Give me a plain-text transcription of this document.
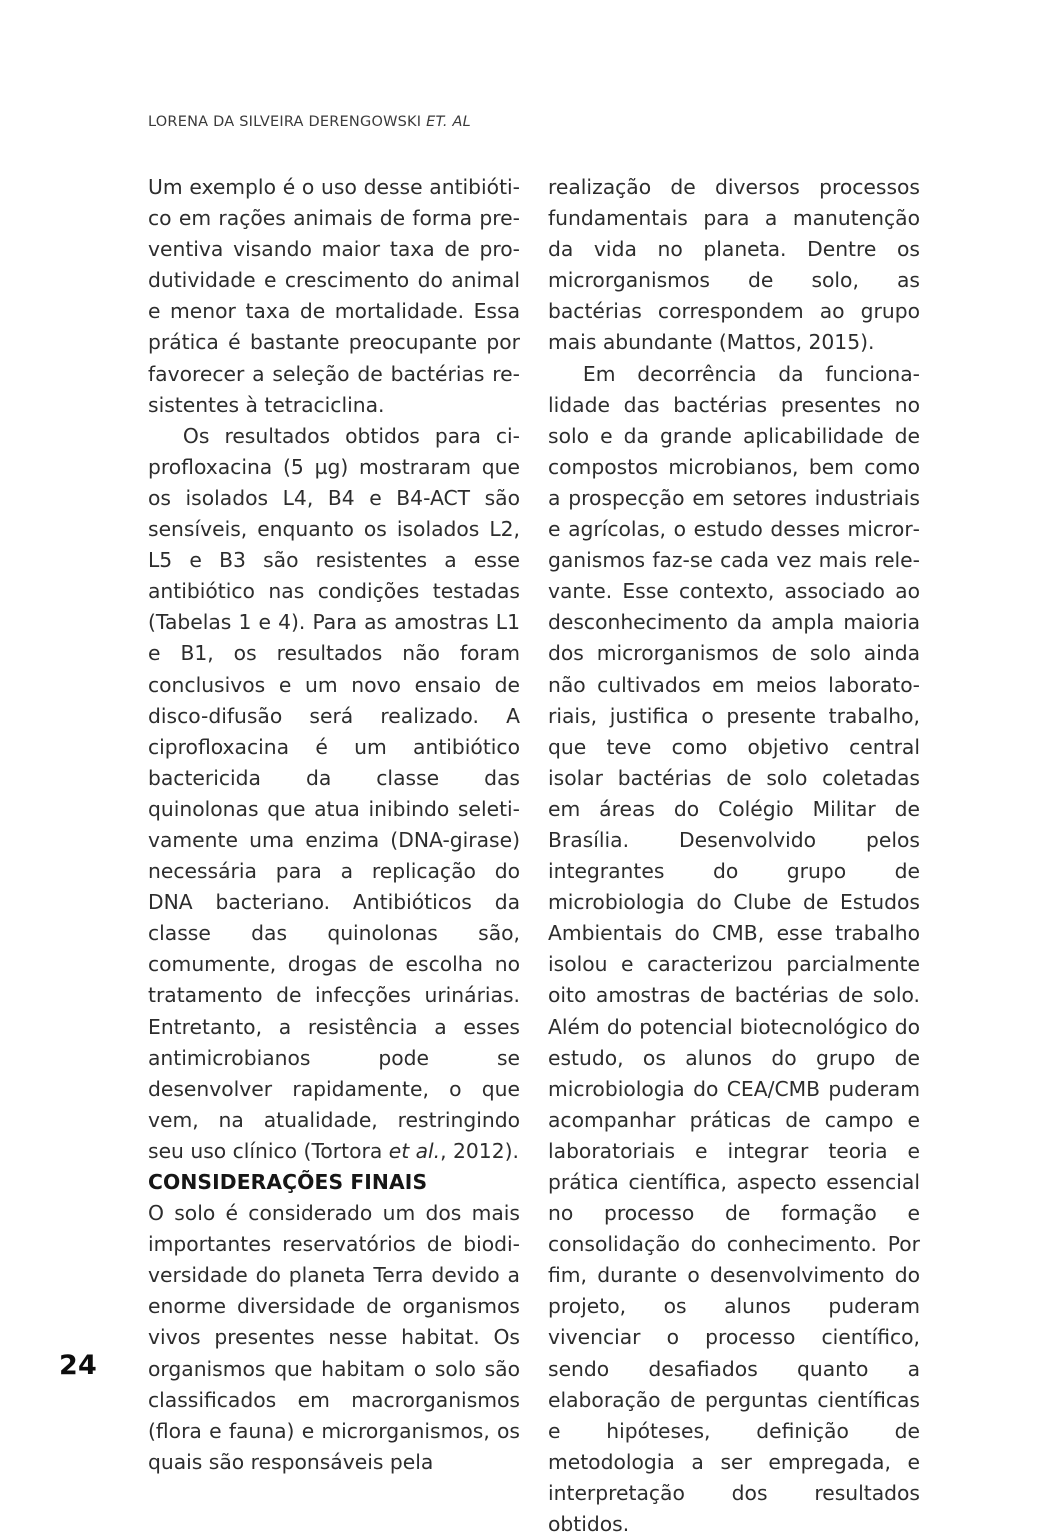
LORENA DA SILVEIRA DERENGOWSKI ET. AL

Um exemplo é o uso desse antibiótico em rações animais de forma preventiva visando maior taxa de produtividade e crescimento do animal e menor taxa de mortalidade. Essa prática é bastante preocupante por favorecer a seleção de bactérias resistentes à tetraciclina.

Os resultados obtidos para ciprofloxacina (5 µg) mostraram que os isolados L4, B4 e B4-ACT são sensíveis, enquanto os isolados L2, L5 e B3 são resistentes a esse antibiótico nas condições testadas (Tabelas 1 e 4). Para as amostras L1 e B1, os resultados não foram conclusivos e um novo ensaio de disco-difusão será realizado. A ciprofloxacina é um antibiótico bactericida da classe das quinolonas que atua inibindo seletivamente uma enzima (DNA-girase) necessária para a replicação do DNA bacteriano. Antibióticos da classe das quinolonas são, comumente, drogas de escolha no tratamento de infecções urinárias. Entretanto, a resistência a esses antimicrobianos pode se desenvolver rapidamente, o que vem, na atualidade, restringindo seu uso clínico (Tortora et al., 2012).

CONSIDERAÇÕES FINAIS

O solo é considerado um dos mais importantes reservatórios de biodiversidade do planeta Terra devido a enorme diversidade de organismos vivos presentes nesse habitat. Os organismos que habitam o solo são classificados em macrorganismos (flora e fauna) e microrganismos, os quais são responsáveis pela

realização de diversos processos fundamentais para a manutenção da vida no planeta. Dentre os microrganismos de solo, as bactérias correspondem ao grupo mais abundante (Mattos, 2015).

Em decorrência da funcionalidade das bactérias presentes no solo e da grande aplicabilidade de compostos microbianos, bem como a prospecção em setores industriais e agrícolas, o estudo desses microrganismos faz-se cada vez mais relevante. Esse contexto, associado ao desconhecimento da ampla maioria dos microrganismos de solo ainda não cultivados em meios laboratoriais, justifica o presente trabalho, que teve como objetivo central isolar bactérias de solo coletadas em áreas do Colégio Militar de Brasília. Desenvolvido pelos integrantes do grupo de microbiologia do Clube de Estudos Ambientais do CMB, esse trabalho isolou e caracterizou parcialmente oito amostras de bactérias de solo. Além do potencial biotecnológico do estudo, os alunos do grupo de microbiologia do CEA/CMB puderam acompanhar práticas de campo e laboratoriais e integrar teoria e prática científica, aspecto essencial no processo de formação e consolidação do conhecimento. Por fim, durante o desenvolvimento do projeto, os alunos puderam vivenciar o processo científico, sendo desafiados quanto a elaboração de perguntas científicas e hipóteses, definição de metodologia a ser empregada, e interpretação dos resultados obtidos.

24
